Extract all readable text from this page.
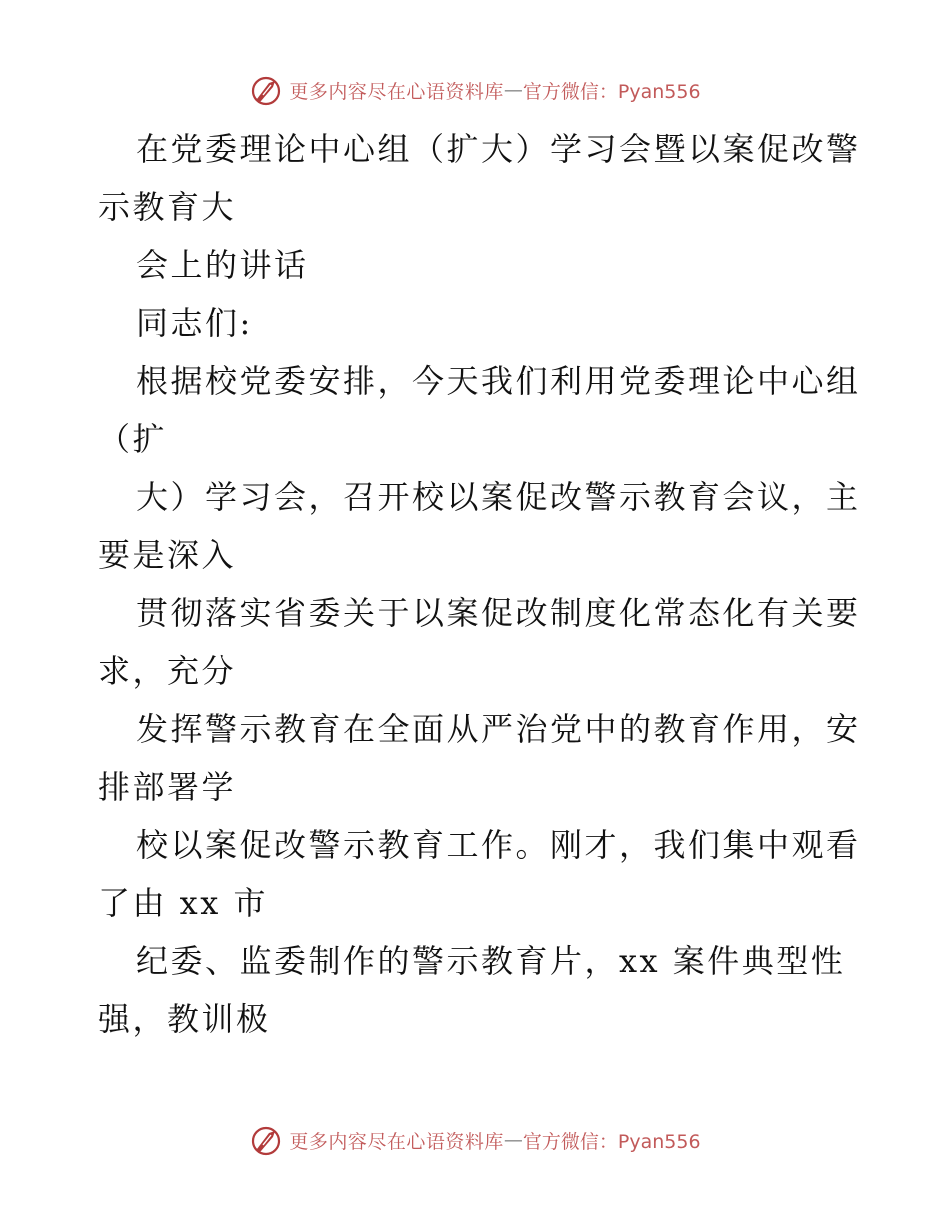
更多内容尽在心语资料库 — 官方微信：Pyan556
在党委理论中心组（扩大）学习会暨以案促改警
示教育大
会上的讲话
同志们:
根据校党委安排，今天我们利用党委理论中心组
（扩
大）学习会，召开校以案促改警示教育会议，主
要是深入
贯彻落实省委关于以案促改制度化常态化有关要
求，充分
发挥警示教育在全面从严治党中的教育作用，安
排部署学
校以案促改警示教育工作。刚才，我们集中观看
了由 xx 市
纪委、监委制作的警示教育片，xx 案件典型性
强，教训极
更多内容尽在心语资料库 — 官方微信：Pyan556
